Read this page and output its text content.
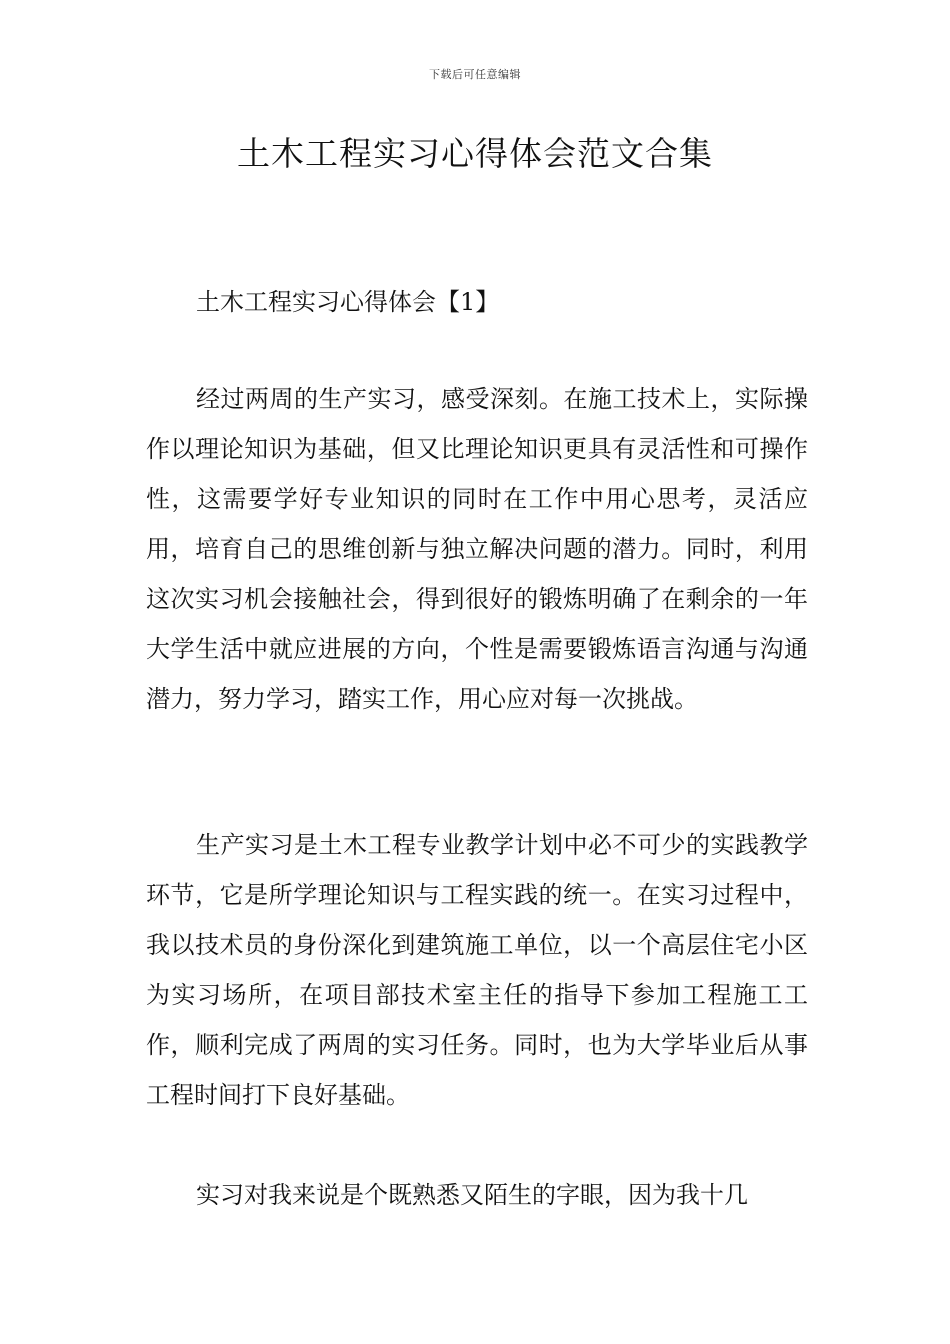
下载后可任意编辑
土木工程实习心得体会范文合集
土木工程实习心得体会【1】

经过两周的生产实习，感受深刻。在施工技术上，实际操作以理论知识为基础，但又比理论知识更具有灵活性和可操作性，这需要学好专业知识的同时在工作中用心思考，灵活应用，培育自己的思维创新与独立解决问题的潜力。同时，利用这次实习机会接触社会，得到很好的锻炼明确了在剩余的一年大学生活中就应进展的方向，个性是需要锻炼语言沟通与沟通潜力，努力学习，踏实工作，用心应对每一次挑战。

生产实习是土木工程专业教学计划中必不可少的实践教学环节，它是所学理论知识与工程实践的统一。在实习过程中，我以技术员的身份深化到建筑施工单位，以一个高层住宅小区为实习场所，在项目部技术室主任的指导下参加工程施工工作，顺利完成了两周的实习任务。同时，也为大学毕业后从事工程时间打下良好基础。

实习对我来说是个既熟悉又陌生的字眼，因为我十几
